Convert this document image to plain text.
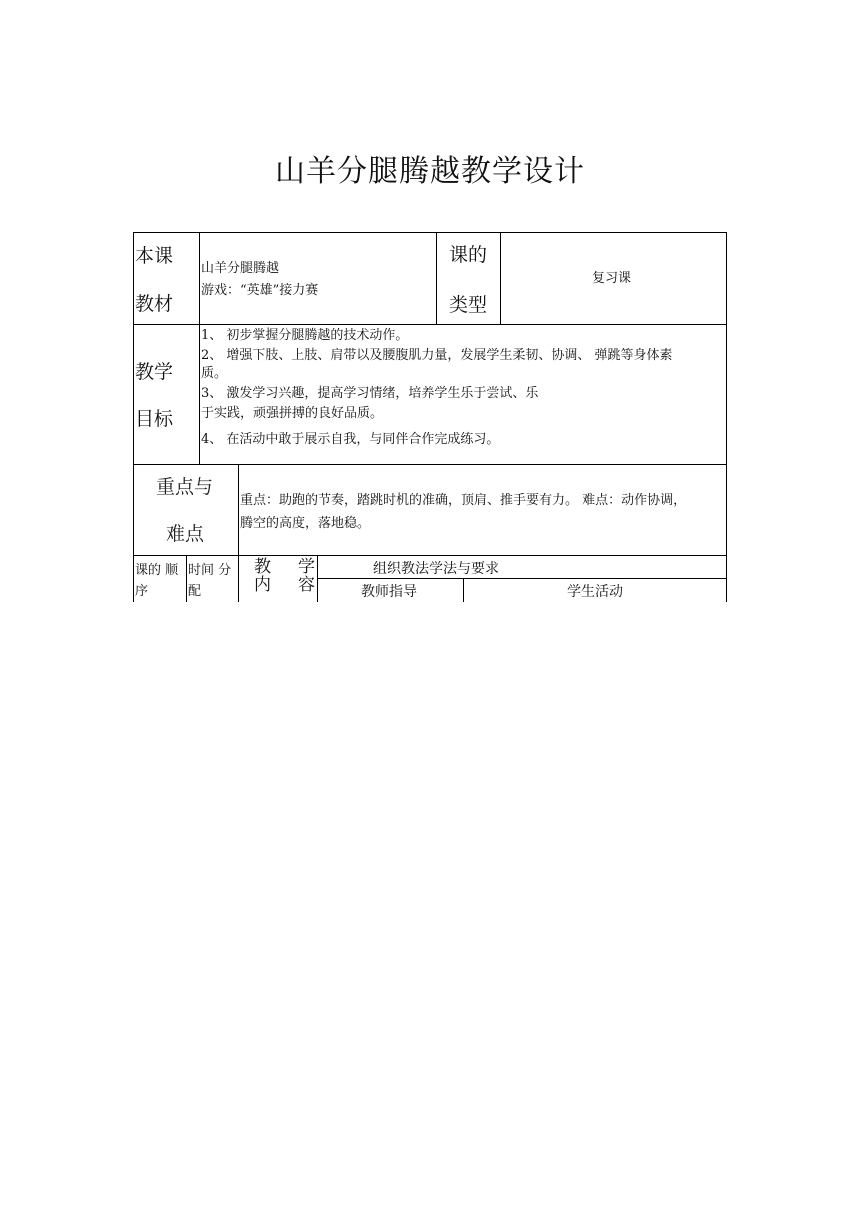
山羊分腿腾越教学设计
本课
教材
山羊分腿腾越
游戏：“英雄”接力赛
课的
类型
复习课
教学
目标
1、 初步掌握分腿腾越的技术动作。
2、 增强下肢、上肢、肩带以及腰腹肌力量，发展学生柔韧、协调、 弹跳等身体素
质。
3、 激发学习兴趣，提高学习情绪，培养学生乐于尝试、乐
于实践，顽强拼搏的良好品质。
4、 在活动中敢于展示自我，与同伴合作完成练习。
重点与
难点
重点：助跑的节奏，踏跳时机的准确，顶肩、推手要有力。 难点：动作协调，
腾空的高度，落地稳。
课的 顺
序
时间 分
配
教 学
内 容
组织教法学法与要求
教师指导	学生活动
